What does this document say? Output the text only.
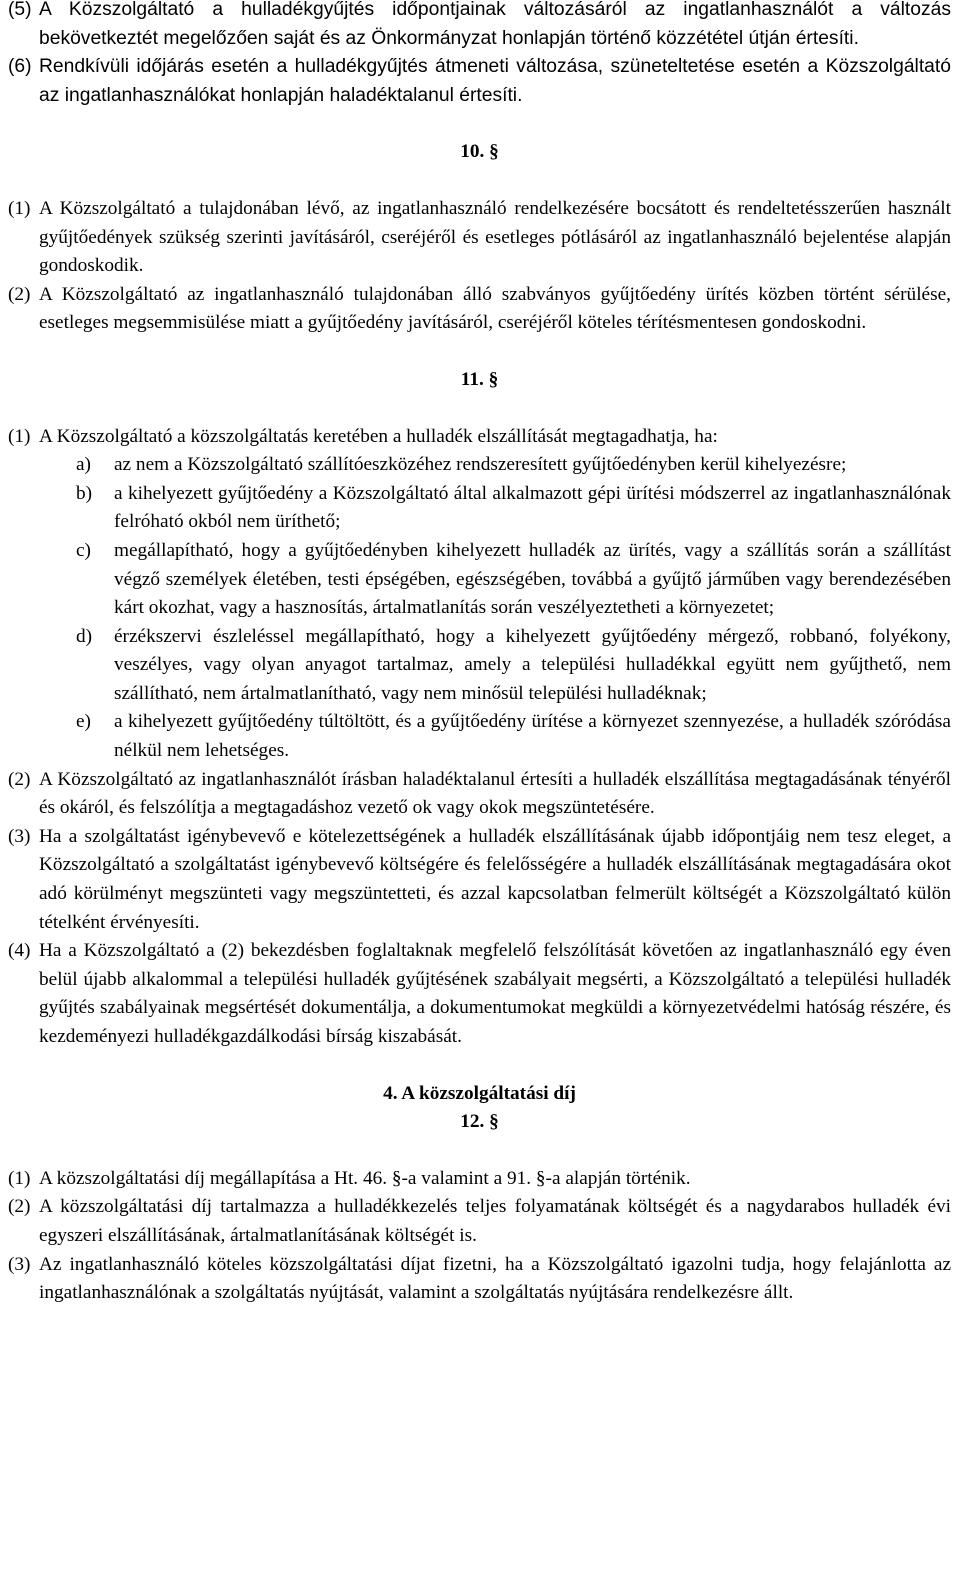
(5) A Közszolgáltató a hulladékgyűjtés időpontjainak változásáról az ingatlanhasználót a változás bekövetkeztét megelőzően saját és az Önkormányzat honlapján történő közzététel útján értesíti.
(6) Rendkívüli időjárás esetén a hulladékgyűjtés átmeneti változása, szüneteltetése esetén a Közszolgáltató az ingatlanhasználókat honlapján haladéktalanul értesíti.
10. §
(1) A Közszolgáltató a tulajdonában lévő, az ingatlanhasználó rendelkezésére bocsátott és rendeltetésszerűen használt gyűjtőedények szükség szerinti javításáról, cseréjéről és esetleges pótlásáról az ingatlanhasználó bejelentése alapján gondoskodik.
(2) A Közszolgáltató az ingatlanhasználó tulajdonában álló szabványos gyűjtőedény ürítés közben történt sérülése, esetleges megsemmisülése miatt a gyűjtőedény javításáról, cseréjéről köteles térítésmentesen gondoskodni.
11. §
(1) A Közszolgáltató a közszolgáltatás keretében a hulladék elszállítását megtagadhatja, ha:
a) az nem a Közszolgáltató szállítóeszközéhez rendszeresített gyűjtőedényben kerül kihelyezésre;
b) a kihelyezett gyűjtőedény a Közszolgáltató által alkalmazott gépi ürítési módszerrel az ingatlanhasználónak felróható okból nem üríthető;
c) megállapítható, hogy a gyűjtőedényben kihelyezett hulladék az ürítés, vagy a szállítás során a szállítást végző személyek életében, testi épségében, egészségében, továbbá a gyűjtő járműben vagy berendezésében kárt okozhat, vagy a hasznosítás, ártalmatlanítás során veszélyeztetheti a környezetet;
d) érzékszervi észleléssel megállapítható, hogy a kihelyezett gyűjtőedény mérgező, robbanó, folyékony, veszélyes, vagy olyan anyagot tartalmaz, amely a települési hulladékkal együtt nem gyűjthető, nem szállítható, nem ártalmatlanítható, vagy nem minősül települési hulladéknak;
e) a kihelyezett gyűjtőedény túltöltött, és a gyűjtőedény ürítése a környezet szennyezése, a hulladék szóródása nélkül nem lehetséges.
(2) A Közszolgáltató az ingatlanhasználót írásban haladéktalanul értesíti a hulladék elszállítása megtagadásának tényéről és okáról, és felszólítja a megtagadáshoz vezető ok vagy okok megszüntetésére.
(3) Ha a szolgáltatást igénybevevő e kötelezettségének a hulladék elszállításának újabb időpontjáig nem tesz eleget, a Közszolgáltató a szolgáltatást igénybevevő költségére és felelősségére a hulladék elszállításának megtagadására okot adó körülményt megszünteti vagy megszüntetteti, és azzal kapcsolatban felmerült költségét a Közszolgáltató külön tételként érvényesíti.
(4) Ha a Közszolgáltató a (2) bekezdésben foglaltaknak megfelelő felszólítását követően az ingatlanhasználó egy éven belül újabb alkalommal a települési hulladék gyűjtésének szabályait megsérti, a Közszolgáltató a települési hulladék gyűjtés szabályainak megsértését dokumentálja, a dokumentumokat megküldi a környezetvédelmi hatóság részére, és kezdeményezi hulladékgazdálkodási bírság kiszabását.
4. A közszolgáltatási díj
12. §
(1) A közszolgáltatási díj megállapítása a Ht. 46. §-a valamint a 91. §-a alapján történik.
(2) A közszolgáltatási díj tartalmazza a hulladékkezelés teljes folyamatának költségét és a nagydarabos hulladék évi egyszeri elszállításának, ártalmatlanításának költségét is.
(3) Az ingatlanhasználó köteles közszolgáltatási díjat fizetni, ha a Közszolgáltató igazolni tudja, hogy felajánlotta az ingatlanhasználónak a szolgáltatás nyújtását, valamint a szolgáltatás nyújtására rendelkezésre állt.
